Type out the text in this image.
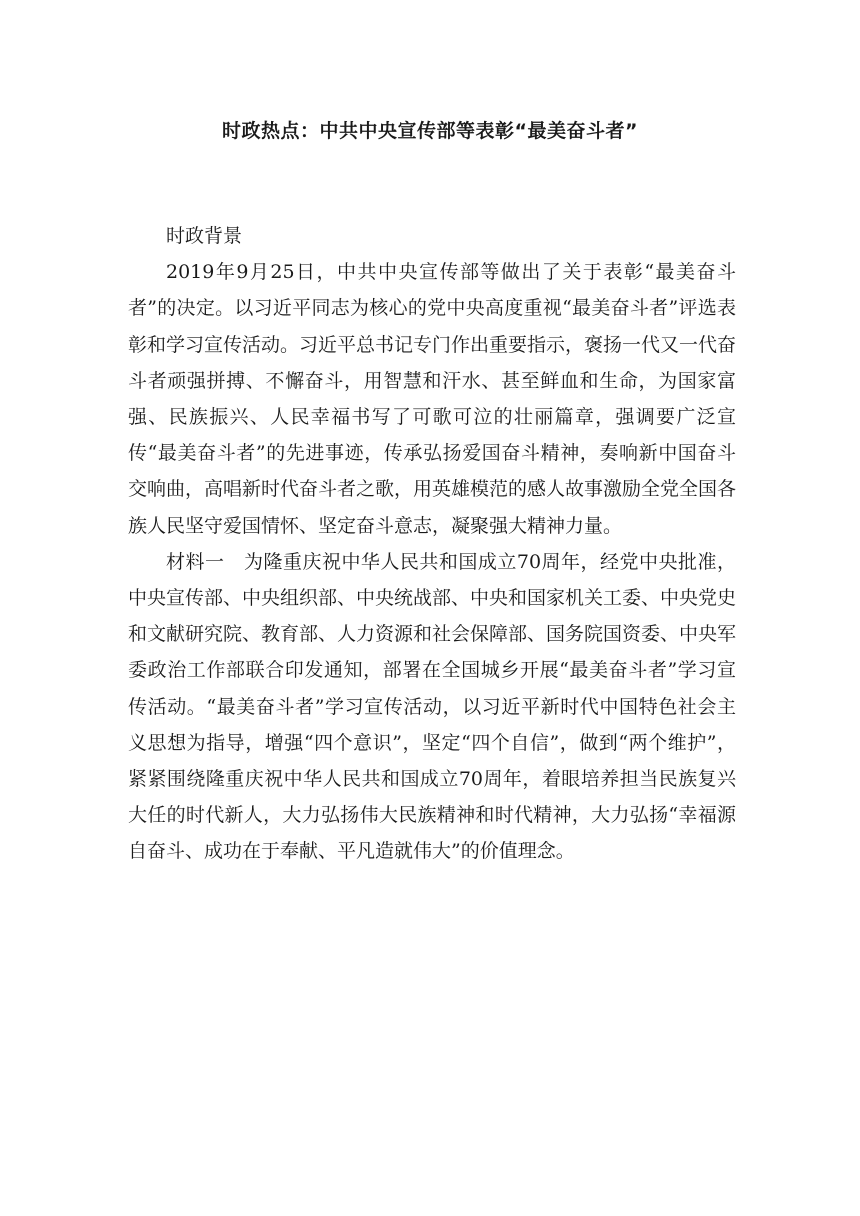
时政热点：中共中央宣传部等表彰“最美奋斗者”

时政背景

2019年9月25日，中共中央宣传部等做出了关于表彰“最美奋斗者”的决定。以习近平同志为核心的党中央高度重视“最美奋斗者”评选表彰和学习宣传活动。习近平总书记专门作出重要指示，褒扬一代又一代奋斗者顽强拼搏、不懈奋斗，用智慧和汗水、甚至鲜血和生命，为国家富强、民族振兴、人民幸福书写了可歌可泣的壮丽篇章，强调要广泛宣传“最美奋斗者”的先进事迹，传承弘扬爱国奋斗精神，奏响新中国奋斗交响曲，高唱新时代奋斗者之歌，用英雄模范的感人故事激励全党全国各族人民坚守爱国情怀、坚定奋斗意志，凝聚强大精神力量。

材料一　为隆重庆祝中华人民共和国成立70周年，经党中央批准，中央宣传部、中央组织部、中央统战部、中央和国家机关工委、中央党史和文献研究院、教育部、人力资源和社会保障部、国务院国资委、中央军委政治工作部联合印发通知，部署在全国城乡开展“最美奋斗者”学习宣传活动。“最美奋斗者”学习宣传活动，以习近平新时代中国特色社会主义思想为指导，增强“四个意识”，坚定“四个自信”，做到“两个维护”，紧紧围绕隆重庆祝中华人民共和国成立70周年，着眼培养担当民族复兴大任的时代新人，大力弘扬伟大民族精神和时代精神，大力弘扬“幸福源自奋斗、成功在于奉献、平凡造就伟大”的价值理念。
